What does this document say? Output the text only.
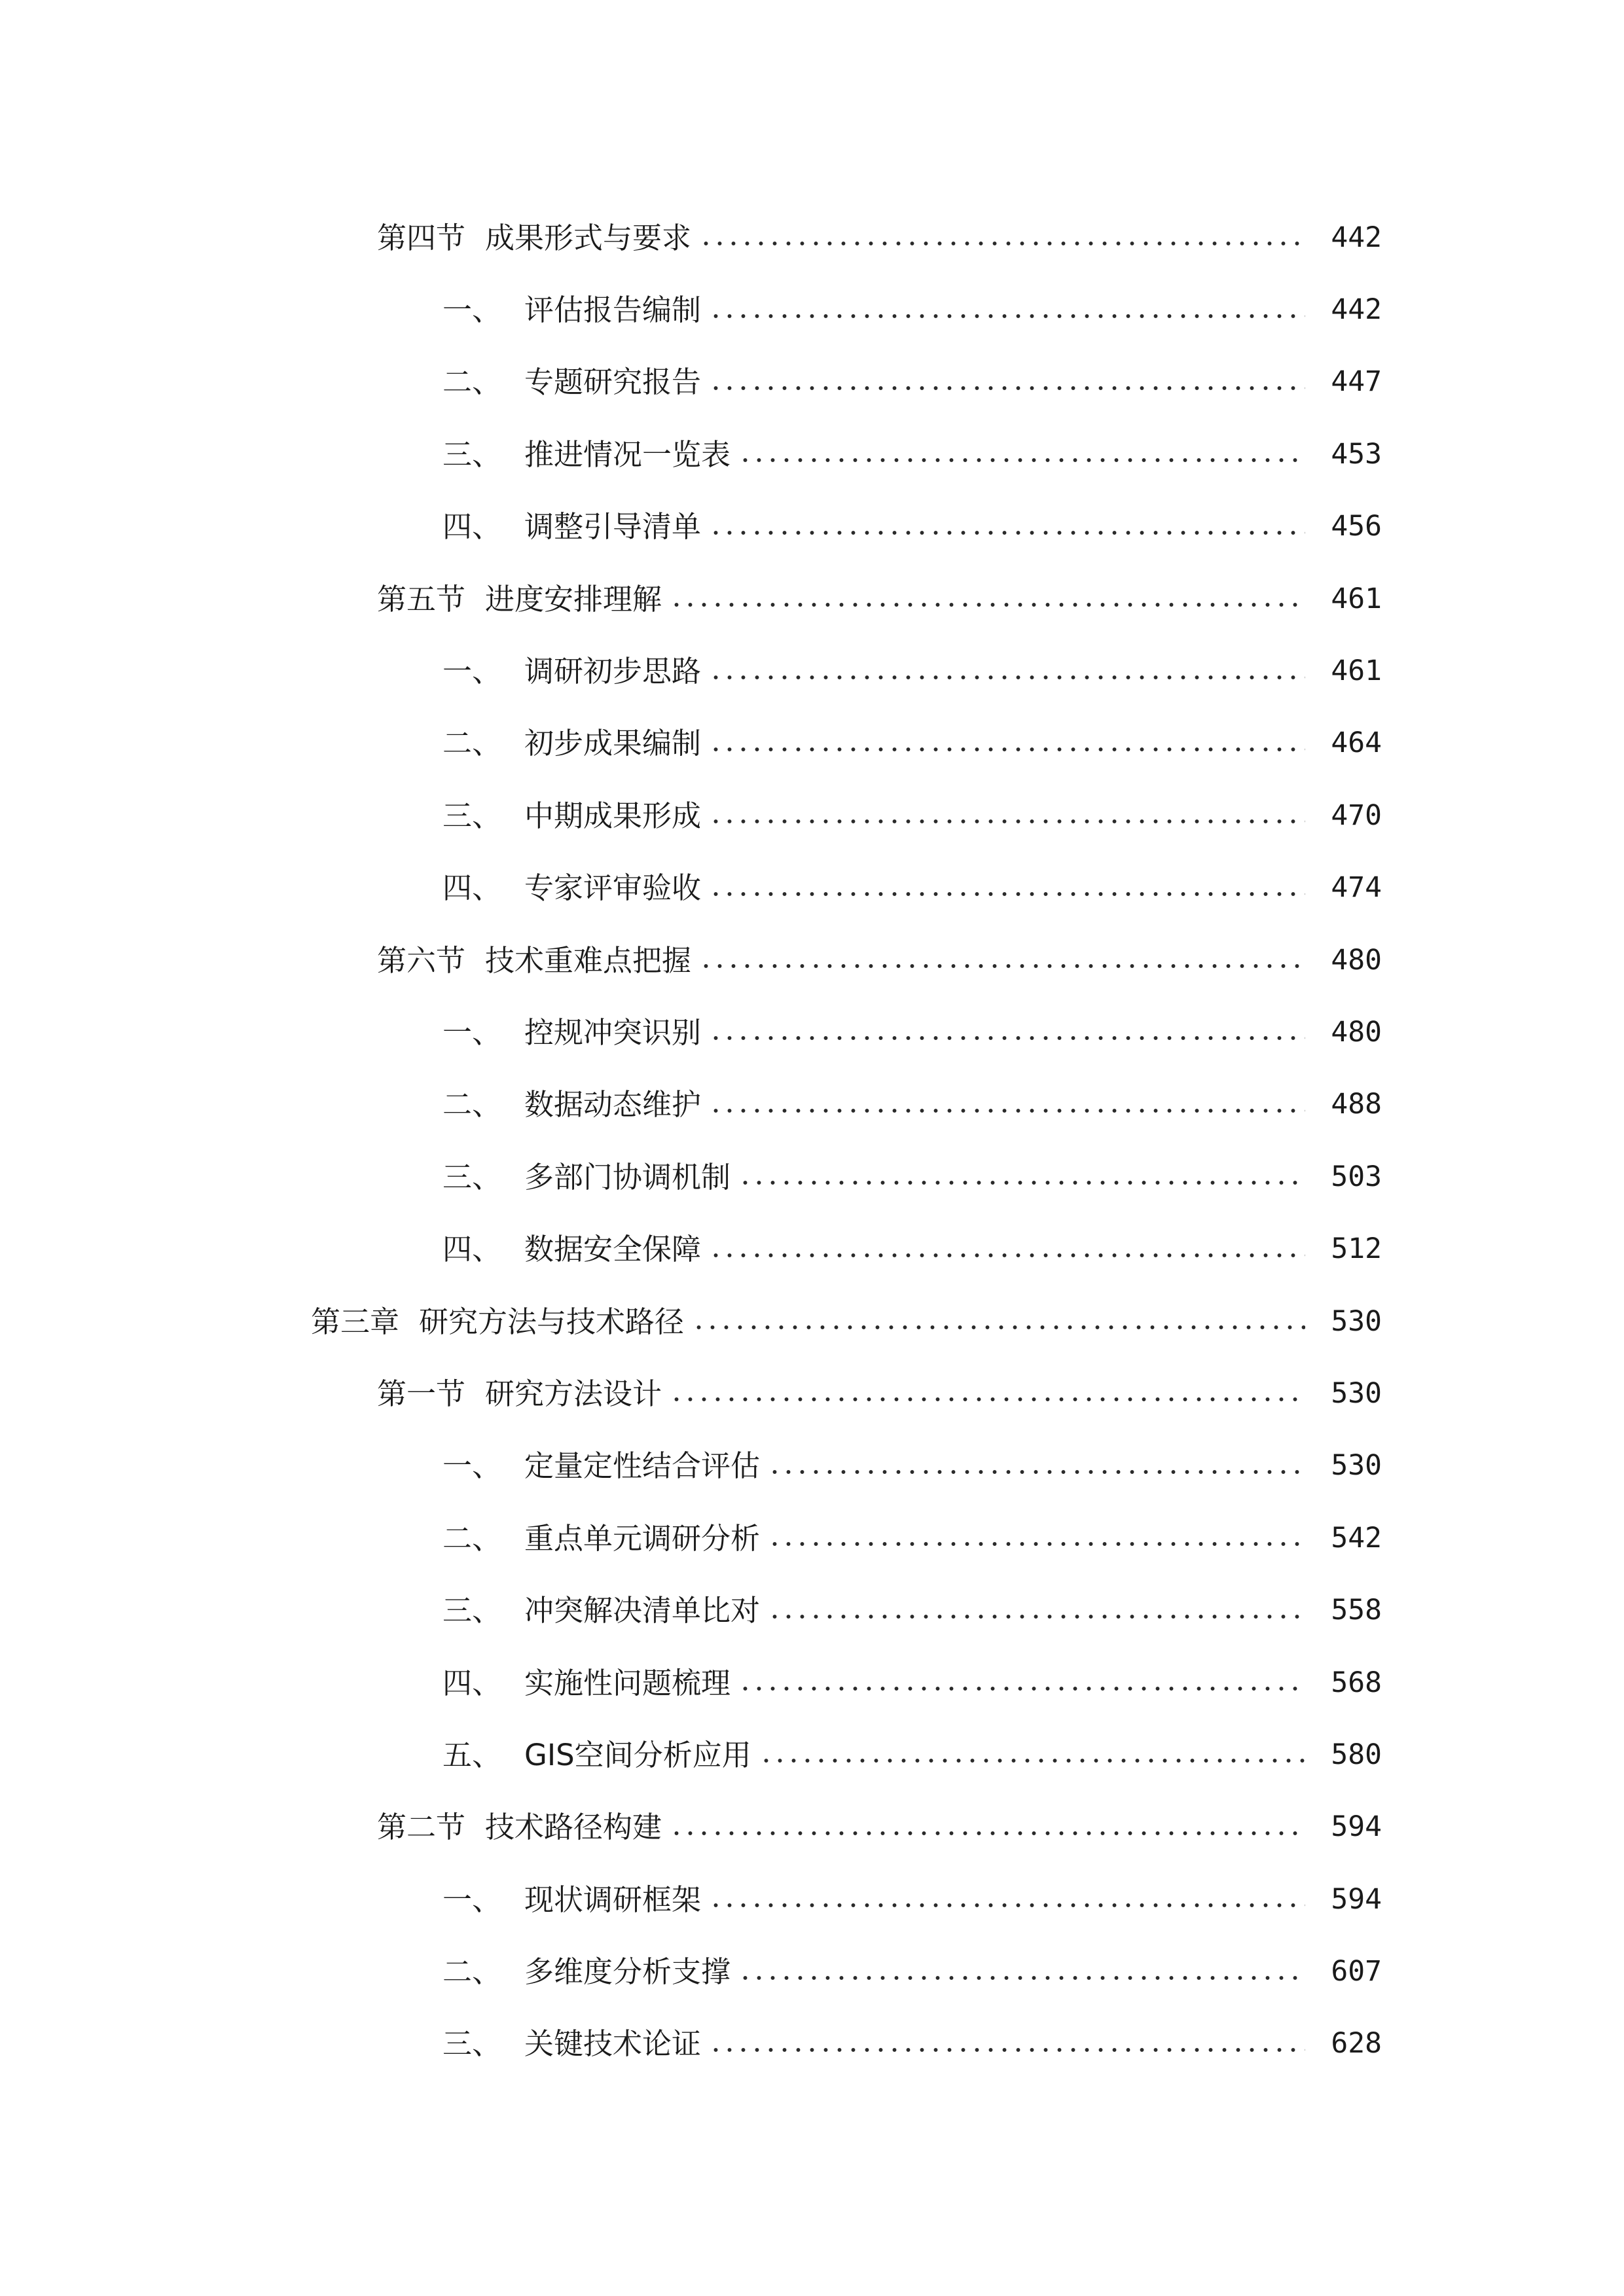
第四节 成果形式与要求	442
一、 评估报告编制	442
二、 专题研究报告	447
三、 推进情况一览表	453
四、 调整引导清单	456
第五节 进度安排理解	461
一、 调研初步思路	461
二、 初步成果编制	464
三、 中期成果形成	470
四、 专家评审验收	474
第六节 技术重难点把握	480
一、 控规冲突识别	480
二、 数据动态维护	488
三、 多部门协调机制	503
四、 数据安全保障	512
第三章 研究方法与技术路径	530
第一节 研究方法设计	530
一、 定量定性结合评估	530
二、 重点单元调研分析	542
三、 冲突解决清单比对	558
四、 实施性问题梳理	568
五、 GIS空间分析应用	580
第二节 技术路径构建	594
一、 现状调研框架	594
二、 多维度分析支撑	607
三、 关键技术论证	628
